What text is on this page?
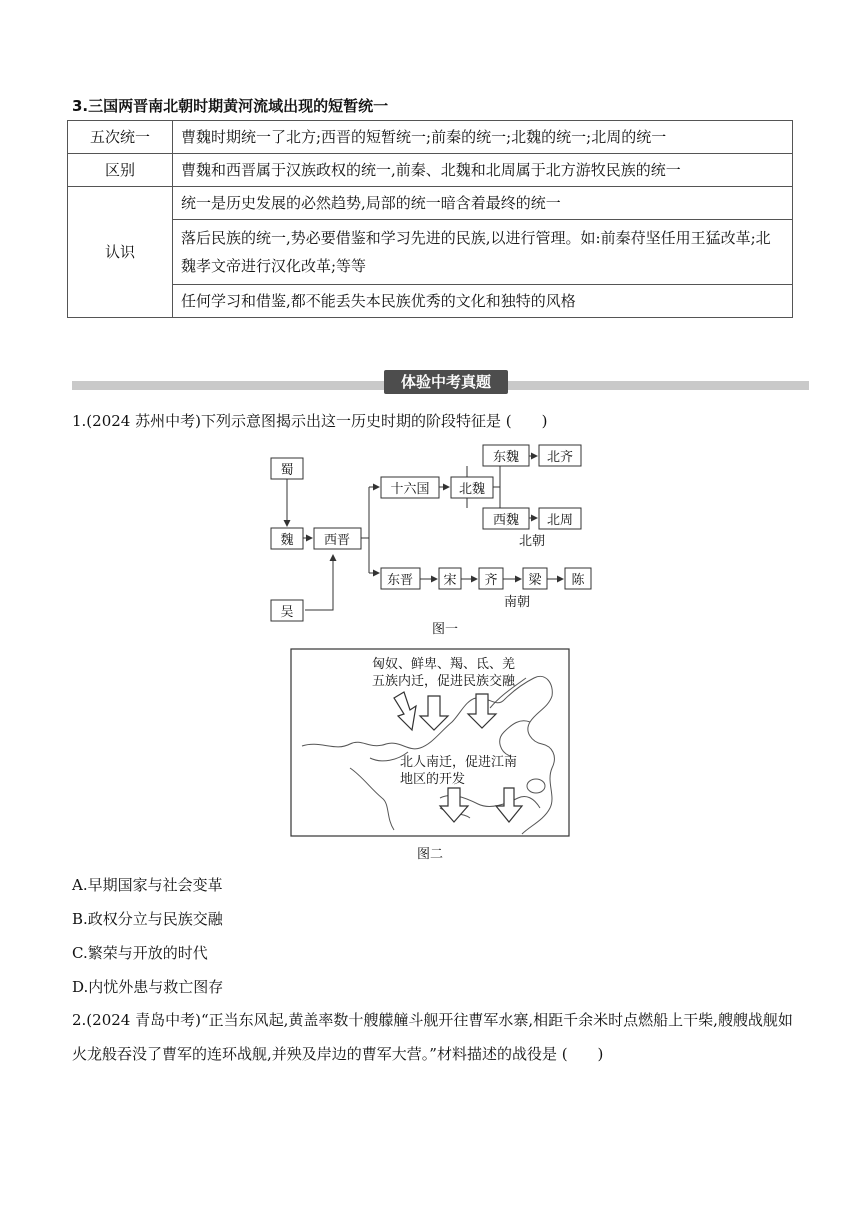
3.三国两晋南北朝时期黄河流域出现的短暂统一
五次统一	曹魏时期统一了北方;西晋的短暂统一;前秦的统一;北魏的统一;北周的统一
区别	曹魏和西晋属于汉族政权的统一,前秦、北魏和北周属于北方游牧民族的统一
认识	统一是历史发展的必然趋势,局部的统一暗含着最终的统一
	落后民族的统一,势必要借鉴和学习先进的民族,以进行管理。如:前秦苻坚任用王猛改革;北魏孝文帝进行汉化改革;等等
	任何学习和借鉴,都不能丢失本民族优秀的文化和独特的风格
体验中考真题
1.(2024 苏州中考)下列示意图揭示出这一历史时期的阶段特征是 (　　)
蜀
魏
吴
西晋
十六国 北魏
东魏 北齐
西魏 北周
东晋 宋 齐 梁 陈
北朝
南朝
图一
匈奴、鲜卑、羯、氐、羌
五族内迁，促进民族交融
北人南迁，促进江南
地区的开发
图二
A.早期国家与社会变革
B.政权分立与民族交融
C.繁荣与开放的时代
D.内忧外患与救亡图存
2.(2024 青岛中考)“正当东风起,黄盖率数十艘艨艟斗舰开往曹军水寨,相距千余米时点燃船上干柴,艘艘战舰如火龙般吞没了曹军的连环战舰,并殃及岸边的曹军大营。”材料描述的战役是 (　　)
